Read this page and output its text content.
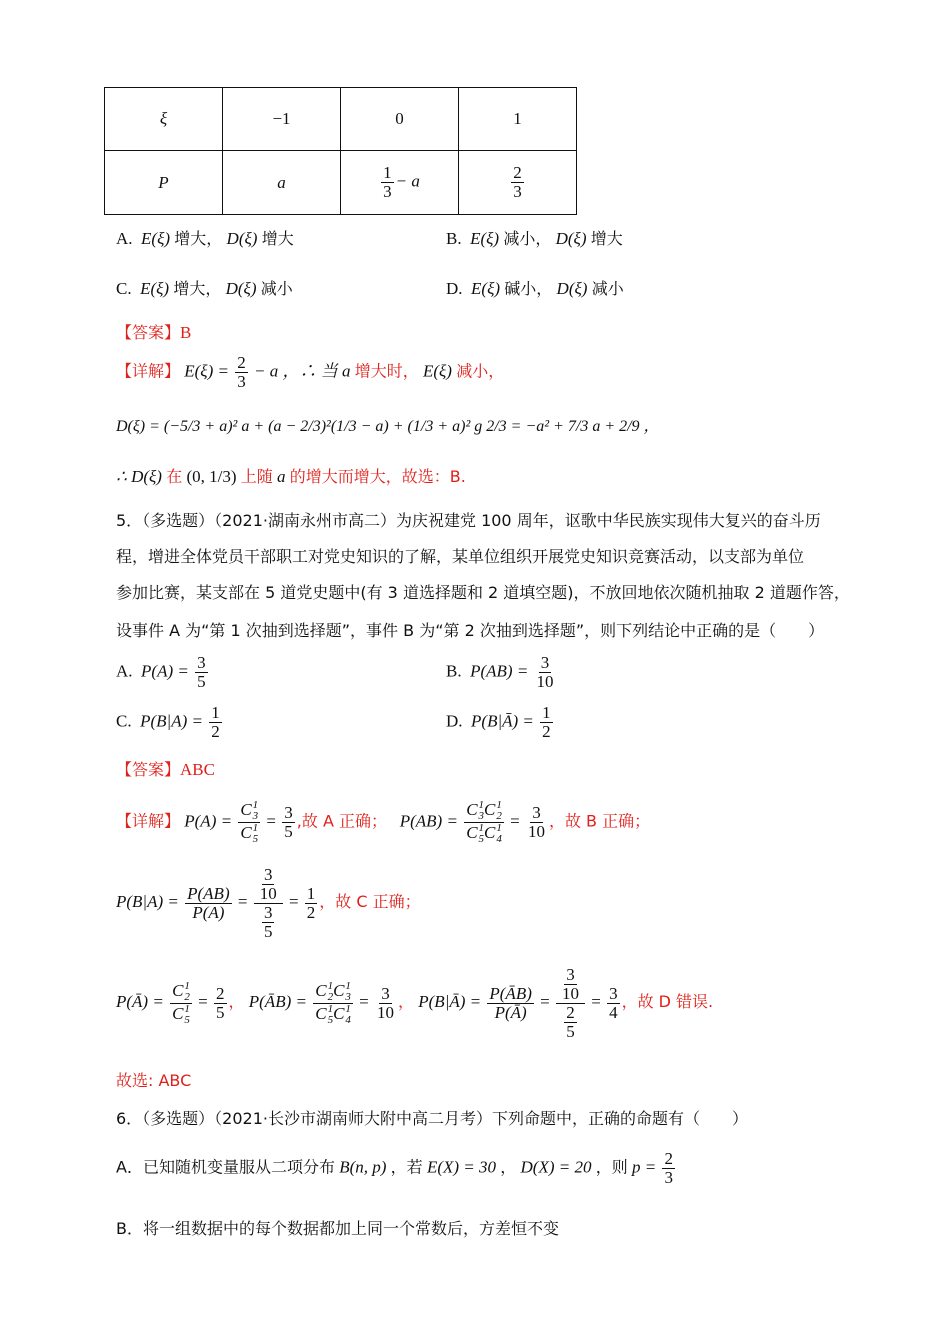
ξ	−1	0	1
P	a	$\frac{1}{3} - a$	$\frac{2}{3}$
A. E(ξ) 增大， D(ξ) 增大	B. E(ξ) 减小， D(ξ) 增大
C. E(ξ) 增大， D(ξ) 减小	D. E(ξ) 碱小， D(ξ) 减小
【答案】B
【详解】 $E(\xi) = \frac{2}{3} - a$ ，∴ 当 a 增大时， E(ξ) 减小，
D(ξ) = (−5/3 + a)² a + (a − 2/3)²(1/3 − a) + (1/3 + a)² g 2/3 = −a² + 7/3 a + 2/9 ，
∴ D(ξ) 在 (0, 1/3) 上随 a 的增大而增大，故选：B.
5．（多选题）（2021·湖南永州市高二）为庆祝建党 100 周年，讴歌中华民族实现伟大复兴的奋斗历
程，增进全体党员干部职工对党史知识的了解，某单位组织开展党史知识竞赛活动，以支部为单位
参加比赛，某支部在 5 道党史题中(有 3 道选择题和 2 道填空题)，不放回地依次随机抽取 2 道题作答，
设事件 A 为“第 1 次抽到选择题”，事件 B 为“第 2 次抽到选择题”，则下列结论中正确的是（　　）
A. $P(A) = \frac{3}{5}$	B. $P(AB) = \frac{3}{10}$
C. $P(B|A) = \frac{1}{2}$	D. P(B|Ā) = $\frac{1}{2}$
【答案】ABC
【详解】 P(A) = C 1
3
C 1
$5 = \frac{3}{5}$ ,故 A 正确； P(AB) = C 1
3 C 1
2
C 1
5 C 1
$4 = \frac{3}{10}$ ，故 B 正确；
$P(B|A) = \frac{P(AB)}{P(A)} = \frac{\frac{3}{10}}{\frac{3}{5}} = \frac{1}{2}$ ，故 C 正确；
P(Ā) = C 1
2
C 1
$5 = \frac{2}{5}$ ， P(ĀB) = C 1
2 C 1
3
C 1
5 C 1
$4 = \frac{3}{10}$ ， P(B|Ā) = $\frac{P(ĀB)}{P(Ā)} = \frac{\frac{3}{10}}{\frac{2}{5}} = \frac{3}{4}$ ，故 D 错误.
故选: ABC
6．（多选题）（2021·长沙市湖南师大附中高二月考）下列命题中，正确的命题有（　　）
A．已知随机变量服从二项分布 B(n, p) ，若 E(X) = 30 ， D(X) = 20 ，则 $p = \frac{2}{3}$
B．将一组数据中的每个数据都加上同一个常数后，方差恒不变
